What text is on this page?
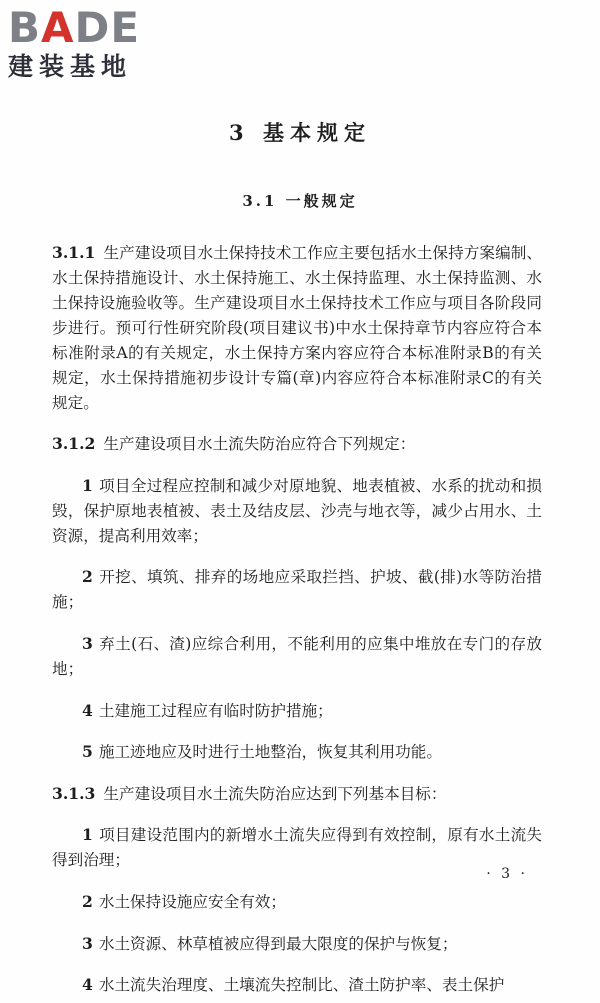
BADE
建装基地
3 基本规定
3.1 一般规定

3.1.1 生产建设项目水土保持技术工作应主要包括水土保持方案编制、水土保持措施设计、水土保持施工、水土保持监理、水土保持监测、水土保持设施验收等。生产建设项目水土保持技术工作应与项目各阶段同步进行。预可行性研究阶段(项目建议书)中水土保持章节内容应符合本标准附录A的有关规定，水土保持方案内容应符合本标准附录B的有关规定，水土保持措施初步设计专篇(章)内容应符合本标准附录C的有关规定。

3.1.2 生产建设项目水土流失防治应符合下列规定：

1 项目全过程应控制和减少对原地貌、地表植被、水系的扰动和损毁，保护原地表植被、表土及结皮层、沙壳与地衣等，减少占用水、土资源，提高利用效率；

2 开挖、填筑、排弃的场地应采取拦挡、护坡、截(排)水等防治措施；

3 弃土(石、渣)应综合利用，不能利用的应集中堆放在专门的存放地；

4 土建施工过程应有临时防护措施；

5 施工迹地应及时进行土地整治，恢复其利用功能。

3.1.3 生产建设项目水土流失防治应达到下列基本目标：

1 项目建设范围内的新增水土流失应得到有效控制，原有水土流失得到治理；

2 水土保持设施应安全有效；

3 水土资源、林草植被应得到最大限度的保护与恢复；

4 水土流失治理度、土壤流失控制比、渣土防护率、表土保护

· 3 ·
